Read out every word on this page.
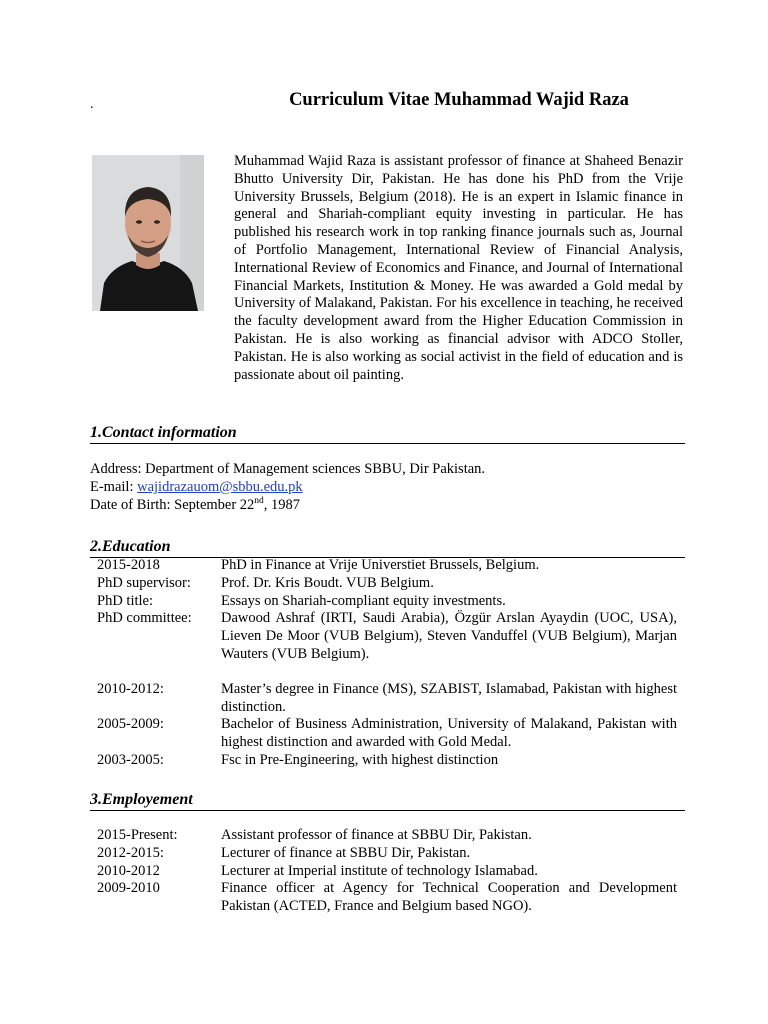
.	Curriculum Vitae Muhammad Wajid Raza

Muhammad Wajid Raza is assistant professor of finance at Shaheed Benazir Bhutto University Dir, Pakistan. He has done his PhD from the Vrije University Brussels, Belgium (2018). He is an expert in Islamic finance in general and Shariah-compliant equity investing in particular. He has published his research work in top ranking finance journals such as, Journal of Portfolio Management, International Review of Financial Analysis, International Review of Economics and Finance, and Journal of International Financial Markets, Institution & Money. He was awarded a Gold medal by University of Malakand, Pakistan. For his excellence in teaching, he received the faculty development award from the Higher Education Commission in Pakistan. He is also working as financial advisor with ADCO Stoller, Pakistan. He is also working as social activist in the field of education and is passionate about oil painting.

1.Contact information
Address: Department of Management sciences SBBU, Dir Pakistan.
E-mail: wajidrazauom@sbbu.edu.pk
Date of Birth: September 22nd, 1987
2.Education
2015-2018	PhD in Finance at Vrije Universtiet Brussels, Belgium.
PhD supervisor:	Prof. Dr. Kris Boudt. VUB Belgium.
PhD title:	Essays on Shariah-compliant equity investments.
PhD committee:	Dawood Ashraf (IRTI, Saudi Arabia), Özgür Arslan Ayaydin (UOC, USA), Lieven De Moor (VUB Belgium), Steven Vanduffel (VUB Belgium), Marjan Wauters (VUB Belgium).

2010-2012:	Master’s degree in Finance (MS), SZABIST, Islamabad, Pakistan with highest distinction.
2005-2009:	Bachelor of Business Administration, University of Malakand, Pakistan with highest distinction and awarded with Gold Medal.
2003-2005:	Fsc in Pre-Engineering, with highest distinction
3.Employement
2015-Present:	Assistant professor of finance at SBBU Dir, Pakistan.
2012-2015:	Lecturer of finance at SBBU Dir, Pakistan.
2010-2012	Lecturer at Imperial institute of technology Islamabad.
2009-2010	Finance officer at Agency for Technical Cooperation and Development Pakistan (ACTED, France and Belgium based NGO).
